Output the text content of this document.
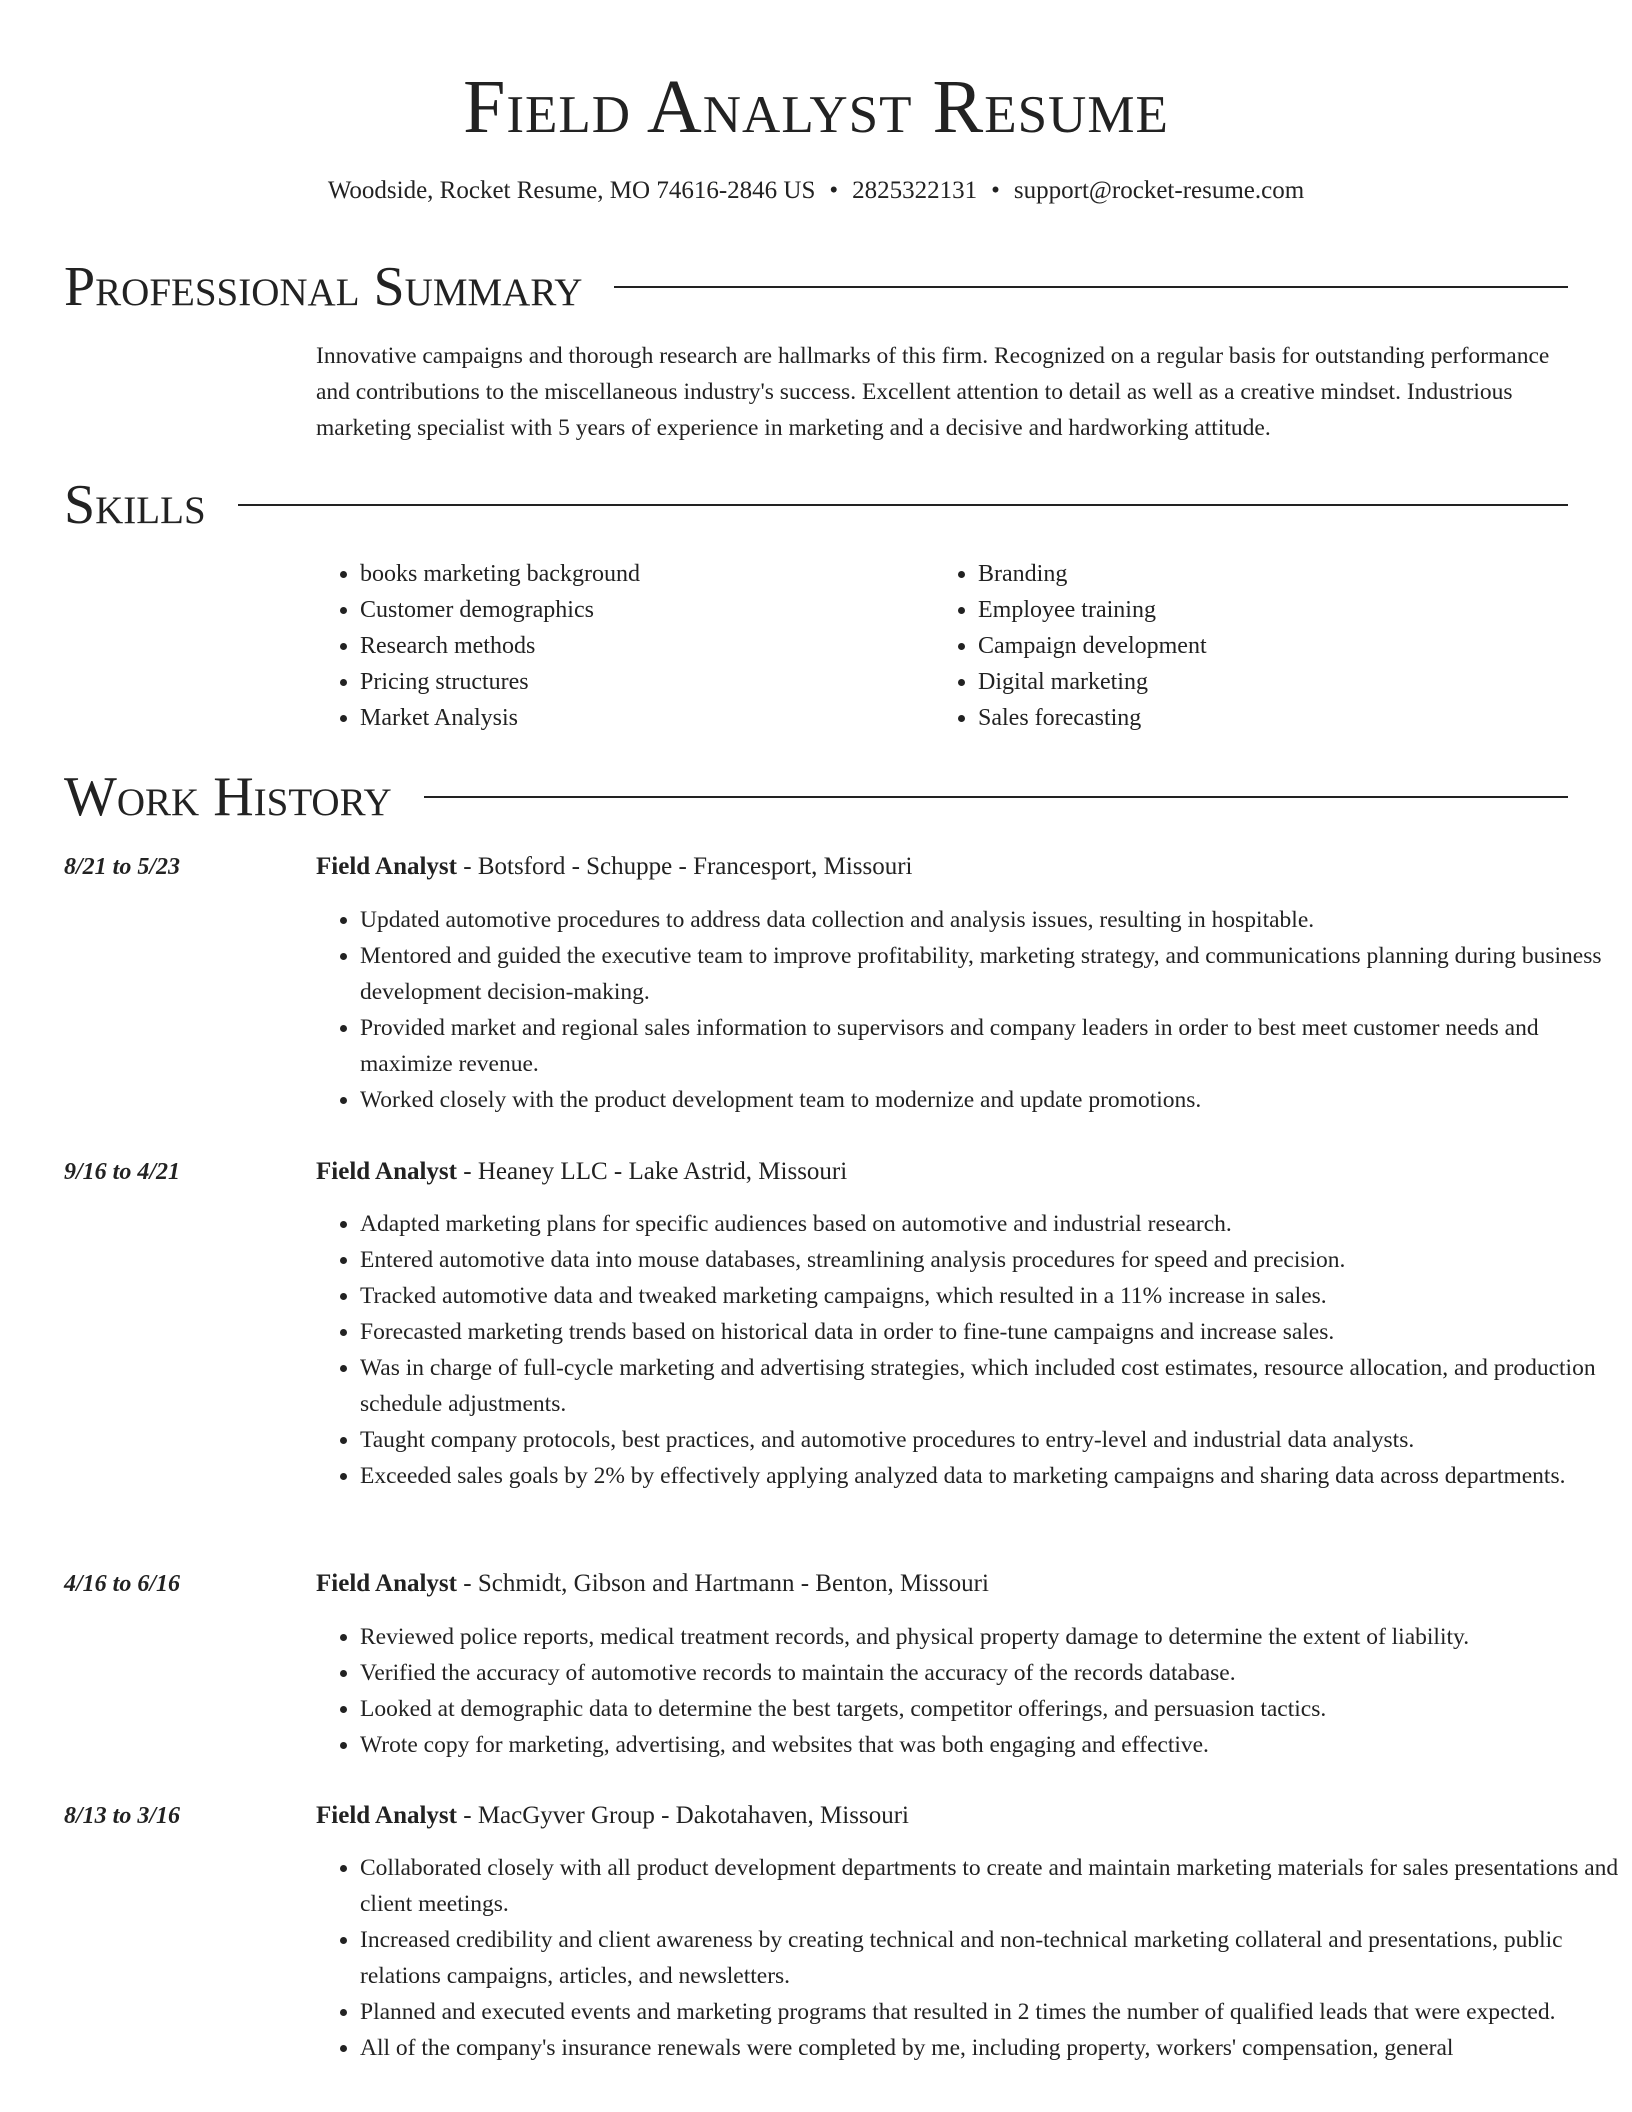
Field Analyst Resume
Woodside, Rocket Resume, MO 74616-2846 US • 2825322131 • support@rocket-resume.com
Professional Summary
Innovative campaigns and thorough research are hallmarks of this firm. Recognized on a regular basis for outstanding performance and contributions to the miscellaneous industry's success. Excellent attention to detail as well as a creative mindset. Industrious marketing specialist with 5 years of experience in marketing and a decisive and hardworking attitude.
Skills
• books marketing background
• Customer demographics
• Research methods
• Pricing structures
• Market Analysis
• Branding
• Employee training
• Campaign development
• Digital marketing
• Sales forecasting
Work History
8/21 to 5/23	Field Analyst - Botsford - Schuppe - Francesport, Missouri
• Updated automotive procedures to address data collection and analysis issues, resulting in hospitable.
• Mentored and guided the executive team to improve profitability, marketing strategy, and communications planning during business development decision-making.
• Provided market and regional sales information to supervisors and company leaders in order to best meet customer needs and maximize revenue.
• Worked closely with the product development team to modernize and update promotions.
9/16 to 4/21	Field Analyst - Heaney LLC - Lake Astrid, Missouri
• Adapted marketing plans for specific audiences based on automotive and industrial research.
• Entered automotive data into mouse databases, streamlining analysis procedures for speed and precision.
• Tracked automotive data and tweaked marketing campaigns, which resulted in a 11% increase in sales.
• Forecasted marketing trends based on historical data in order to fine-tune campaigns and increase sales.
• Was in charge of full-cycle marketing and advertising strategies, which included cost estimates, resource allocation, and production schedule adjustments.
• Taught company protocols, best practices, and automotive procedures to entry-level and industrial data analysts.
• Exceeded sales goals by 2% by effectively applying analyzed data to marketing campaigns and sharing data across departments.
4/16 to 6/16	Field Analyst - Schmidt, Gibson and Hartmann - Benton, Missouri
• Reviewed police reports, medical treatment records, and physical property damage to determine the extent of liability.
• Verified the accuracy of automotive records to maintain the accuracy of the records database.
• Looked at demographic data to determine the best targets, competitor offerings, and persuasion tactics.
• Wrote copy for marketing, advertising, and websites that was both engaging and effective.
8/13 to 3/16	Field Analyst - MacGyver Group - Dakotahaven, Missouri
• Collaborated closely with all product development departments to create and maintain marketing materials for sales presentations and client meetings.
• Increased credibility and client awareness by creating technical and non-technical marketing collateral and presentations, public relations campaigns, articles, and newsletters.
• Planned and executed events and marketing programs that resulted in 2 times the number of qualified leads that were expected.
• All of the company's insurance renewals were completed by me, including property, workers' compensation, general
